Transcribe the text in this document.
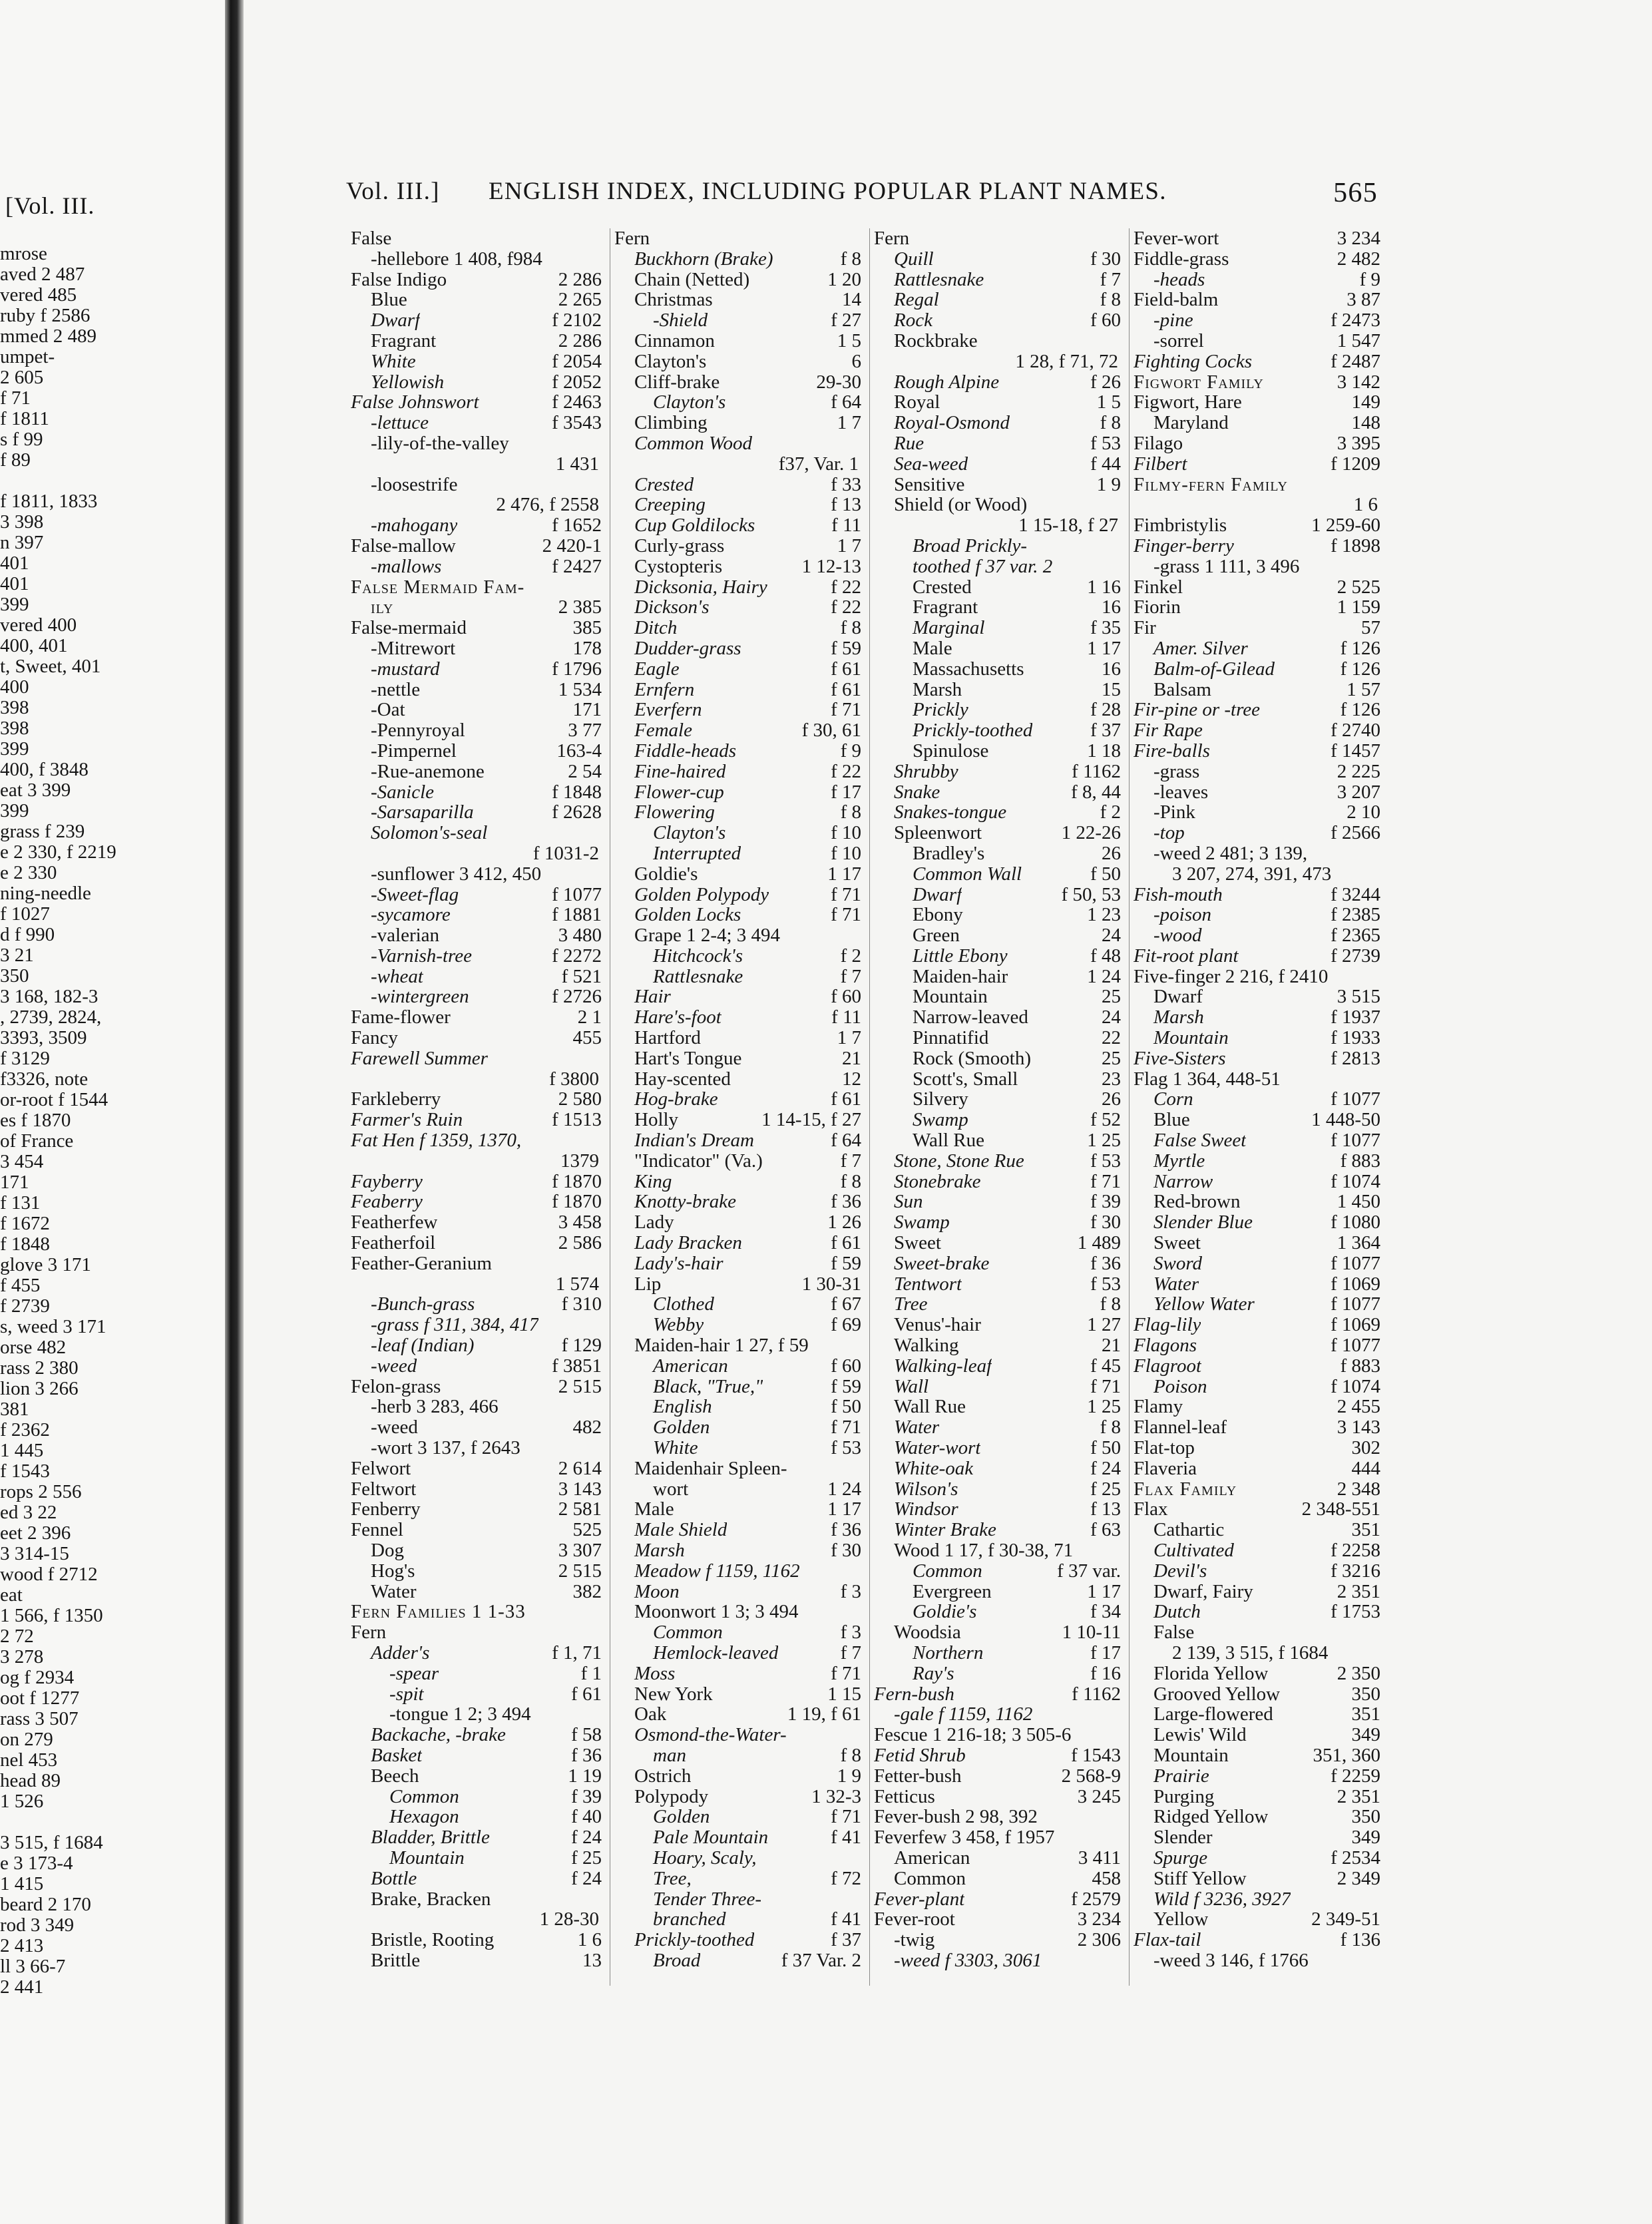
[Vol. III.
mrose
aved 2 487
vered 485
ruby f 2586
mmed 2 489
umpet-
2 605
f 71
f 1811
s f 99
f 89
f 1811, 1833
3 398
n 397
401
401
399
vered 400
400, 401
t, Sweet, 401
400
398
398
399
400, f 3848
eat 3 399
399
grass f 239
e 2 330, f 2219
e 2 330
ning-needle
f 1027
d f 990
3 21
350
3 168, 182-3
, 2739, 2824,
3393, 3509
f 3129
f3326, note
or-root f 1544
es f 1870
of France
3 454
171
f 131
f 1672
f 1848
glove 3 171
f 455
f 2739
s, weed 3 171
orse 482
rass 2 380
lion 3 266
381
f 2362
1 445
f 1543
rops 2 556
ed 3 22
eet 2 396
3 314-15
wood f 2712
eat
1 566, f 1350
2 72
3 278
og f 2934
oot f 1277
rass 3 507
on 279
nel 453
head 89
1 526
3 515, f 1684
e 3 173-4
1 415
beard 2 170
rod 3 349
2 413
ll 3 66-7
2 441
Vol. III.] ENGLISH INDEX, INCLUDING POPULAR PLANT NAMES.	565
False
-hellebore 1 408, f984
False Indigo	2 286
Blue	2 265
Dwarf	f 2102
Fragrant	2 286
White	f 2054
Yellowish	f 2052
False Johnswort	f 2463
-lettuce	f 3543
-lily-of-the-valley
1 431
-loosestrife
2 476, f 2558
-mahogany	f 1652
False-mallow	2 420-1
-mallows	f 2427
False Mermaid Fam-
ily	2 385
False-mermaid	385
-Mitrewort	178
-mustard	f 1796
-nettle	1 534
-Oat	171
-Pennyroyal	3 77
-Pimpernel	163-4
-Rue-anemone	2 54
-Sanicle	f 1848
-Sarsaparilla	f 2628
Solomon's-seal
f 1031-2
-sunflower 3 412, 450
-Sweet-flag	f 1077
-sycamore	f 1881
-valerian	3 480
-Varnish-tree	f 2272
-wheat	f 521
-wintergreen	f 2726
Fame-flower	2 1
Fancy	455
Farewell Summer
f 3800
Farkleberry	2 580
Farmer's Ruin	f 1513
Fat Hen f 1359, 1370,
1379
Fayberry	f 1870
Feaberry	f 1870
Featherfew	3 458
Featherfoil	2 586
Feather-Geranium
1 574
-Bunch-grass	f 310
-grass f 311, 384, 417
-leaf (Indian)	f 129
-weed	f 3851
Felon-grass	2 515
-herb 3 283, 466
-weed	482
-wort 3 137, f 2643
Felwort	2 614
Feltwort	3 143
Fenberry	2 581
Fennel	525
Dog	3 307
Hog's	2 515
Water	382
Fern Families 1 1-33
Fern
Adder's	f 1, 71
-spear	f 1
-spit	f 61
-tongue 1 2; 3 494
Backache, -brake	f 58
Basket	f 36
Beech	1 19
Common	f 39
Hexagon	f 40
Bladder, Brittle	f 24
Mountain	f 25
Bottle	f 24
Brake, Bracken
1 28-30
Bristle, Rooting	1 6
Brittle	13
Fern
Buckhorn (Brake)	f 8
Chain (Netted)	1 20
Christmas	14
-Shield	f 27
Cinnamon	1 5
Clayton's	6
Cliff-brake	29-30
Clayton's	f 64
Climbing	1 7
Common Wood
f37, Var. 1
Crested	f 33
Creeping	f 13
Cup Goldilocks	f 11
Curly-grass	1 7
Cystopteris	1 12-13
Dicksonia, Hairy	f 22
Dickson's	f 22
Ditch	f 8
Dudder-grass	f 59
Eagle	f 61
Ernfern	f 61
Everfern	f 71
Female	f 30, 61
Fiddle-heads	f 9
Fine-haired	f 22
Flower-cup	f 17
Flowering	f 8
Clayton's	f 10
Interrupted	f 10
Goldie's	1 17
Golden Polypody	f 71
Golden Locks	f 71
Grape 1 2-4; 3 494
Hitchcock's	f 2
Rattlesnake	f 7
Hair	f 60
Hare's-foot	f 11
Hartford	1 7
Hart's Tongue	21
Hay-scented	12
Hog-brake	f 61
Holly	1 14-15, f 27
Indian's Dream	f 64
"Indicator" (Va.)	f 7
King	f 8
Knotty-brake	f 36
Lady	1 26
Lady Bracken	f 61
Lady's-hair	f 59
Lip	1 30-31
Clothed	f 67
Webby	f 69
Maiden-hair 1 27, f 59
American	f 60
Black, "True,"	f 59
English	f 50
Golden	f 71
White	f 53
Maidenhair Spleen-
wort	1 24
Male	1 17
Male Shield	f 36
Marsh	f 30
Meadow f 1159, 1162
Moon	f 3
Moonwort 1 3; 3 494
Common	f 3
Hemlock-leaved	f 7
Moss	f 71
New York	1 15
Oak	1 19, f 61
Osmond-the-Water-
man	f 8
Ostrich	1 9
Polypody	1 32-3
Golden	f 71
Pale Mountain	f 41
Hoary, Scaly,
Tree,	f 72
Tender Three-
branched	f 41
Prickly-toothed	f 37
Broad	f 37 Var. 2
Fern
Quill	f 30
Rattlesnake	f 7
Regal	f 8
Rock	f 60
Rockbrake
1 28, f 71, 72
Rough Alpine	f 26
Royal	1 5
Royal-Osmond	f 8
Rue	f 53
Sea-weed	f 44
Sensitive	1 9
Shield (or Wood)
1 15-18, f 27
Broad Prickly-
toothed f 37 var. 2
Crested	1 16
Fragrant	16
Marginal	f 35
Male	1 17
Massachusetts	16
Marsh	15
Prickly	f 28
Prickly-toothed	f 37
Spinulose	1 18
Shrubby	f 1162
Snake	f 8, 44
Snakes-tongue	f 2
Spleenwort	1 22-26
Bradley's	26
Common Wall	f 50
Dwarf	f 50, 53
Ebony	1 23
Green	24
Little Ebony	f 48
Maiden-hair	1 24
Mountain	25
Narrow-leaved	24
Pinnatifid	22
Rock (Smooth)	25
Scott's, Small	23
Silvery	26
Swamp	f 52
Wall Rue	1 25
Stone, Stone Rue	f 53
Stonebrake	f 71
Sun	f 39
Swamp	f 30
Sweet	1 489
Sweet-brake	f 36
Tentwort	f 53
Tree	f 8
Venus'-hair	1 27
Walking	21
Walking-leaf	f 45
Wall	f 71
Wall Rue	1 25
Water	f 8
Water-wort	f 50
White-oak	f 24
Wilson's	f 25
Windsor	f 13
Winter Brake	f 63
Wood 1 17, f 30-38, 71
Common	f 37 var.
Evergreen	1 17
Goldie's	f 34
Woodsia	1 10-11
Northern	f 17
Ray's	f 16
Fern-bush	f 1162
-gale f 1159, 1162
Fescue 1 216-18; 3 505-6
Fetid Shrub	f 1543
Fetter-bush	2 568-9
Fetticus	3 245
Fever-bush 2 98, 392
Feverfew 3 458, f 1957
American	3 411
Common	458
Fever-plant	f 2579
Fever-root	3 234
-twig	2 306
-weed f 3303, 3061
Fever-wort	3 234
Fiddle-grass	2 482
-heads	f 9
Field-balm	3 87
-pine	f 2473
-sorrel	1 547
Fighting Cocks	f 2487
Figwort Family	3 142
Figwort, Hare	149
Maryland	148
Filago	3 395
Filbert	f 1209
Filmy-fern Family
1 6
Fimbristylis	1 259-60
Finger-berry	f 1898
-grass 1 111, 3 496
Finkel	2 525
Fiorin	1 159
Fir	57
Amer. Silver	f 126
Balm-of-Gilead	f 126
Balsam	1 57
Fir-pine or -tree	f 126
Fir Rape	f 2740
Fire-balls	f 1457
-grass	2 225
-leaves	3 207
-Pink	2 10
-top	f 2566
-weed 2 481; 3 139,
3 207, 274, 391, 473
Fish-mouth	f 3244
-poison	f 2385
-wood	f 2365
Fit-root plant	f 2739
Five-finger 2 216, f 2410
Dwarf	3 515
Marsh	f 1937
Mountain	f 1933
Five-Sisters	f 2813
Flag 1 364, 448-51
Corn	f 1077
Blue	1 448-50
False Sweet	f 1077
Myrtle	f 883
Narrow	f 1074
Red-brown	1 450
Slender Blue	f 1080
Sweet	1 364
Sword	f 1077
Water	f 1069
Yellow Water	f 1077
Flag-lily	f 1069
Flagons	f 1077
Flagroot	f 883
Poison	f 1074
Flamy	2 455
Flannel-leaf	3 143
Flat-top	302
Flaveria	444
Flax Family	2 348
Flax	2 348-551
Cathartic	351
Cultivated	f 2258
Devil's	f 3216
Dwarf, Fairy	2 351
Dutch	f 1753
False
2 139, 3 515, f 1684
Florida Yellow	2 350
Grooved Yellow	350
Large-flowered	351
Lewis' Wild	349
Mountain	351, 360
Prairie	f 2259
Purging	2 351
Ridged Yellow	350
Slender	349
Spurge	f 2534
Stiff Yellow	2 349
Wild f 3236, 3927
Yellow	2 349-51
Flax-tail	f 136
-weed 3 146, f 1766
